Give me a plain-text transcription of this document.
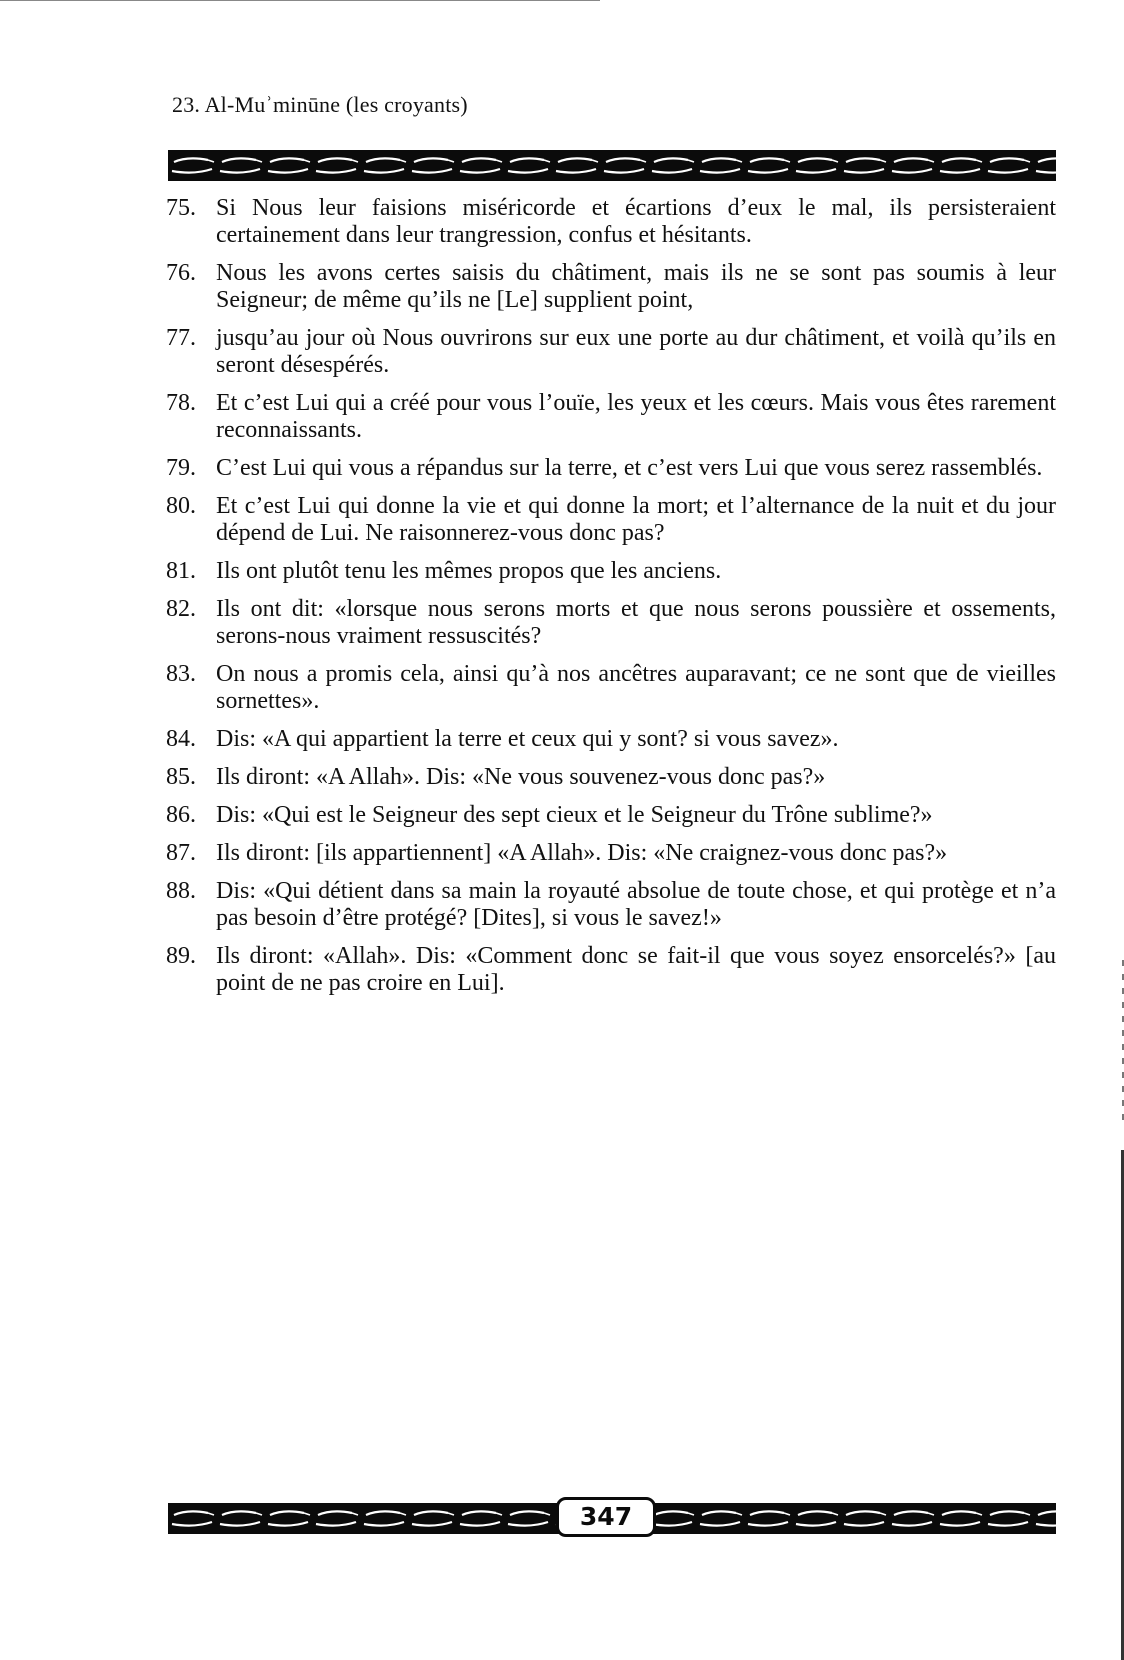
23. Al-Muʾminūne (les croyants)
75. Si Nous leur faisions miséricorde et écartions d’eux le mal, ils persisteraient certainement dans leur trangression, confus et hésitants.
76. Nous les avons certes saisis du châtiment, mais ils ne se sont pas soumis à leur Seigneur; de même qu’ils ne [Le] supplient point,
77. jusqu’au jour où Nous ouvrirons sur eux une porte au dur châtiment, et voilà qu’ils en seront désespérés.
78. Et c’est Lui qui a créé pour vous l’ouïe, les yeux et les cœurs. Mais vous êtes rarement reconnaissants.
79. C’est Lui qui vous a répandus sur la terre, et c’est vers Lui que vous serez rassemblés.
80. Et c’est Lui qui donne la vie et qui donne la mort; et l’alternance de la nuit et du jour dépend de Lui. Ne raisonnerez-vous donc pas?
81. Ils ont plutôt tenu les mêmes propos que les anciens.
82. Ils ont dit: «lorsque nous serons morts et que nous serons poussière et ossements, serons-nous vraiment ressuscités?
83. On nous a promis cela, ainsi qu’à nos ancêtres auparavant; ce ne sont que de vieilles sornettes».
84. Dis: «A qui appartient la terre et ceux qui y sont? si vous savez».
85. Ils diront: «A Allah». Dis: «Ne vous souvenez-vous donc pas?»
86. Dis: «Qui est le Seigneur des sept cieux et le Seigneur du Trône sublime?»
87. Ils diront: [ils appartiennent] «A Allah». Dis: «Ne craignez-vous donc pas?»
88. Dis: «Qui détient dans sa main la royauté absolue de toute chose, et qui protège et n’a pas besoin d’être protégé? [Dites], si vous le savez!»
89. Ils diront: «Allah». Dis: «Comment donc se fait-il que vous soyez ensorcelés?» [au point de ne pas croire en Lui].
347
